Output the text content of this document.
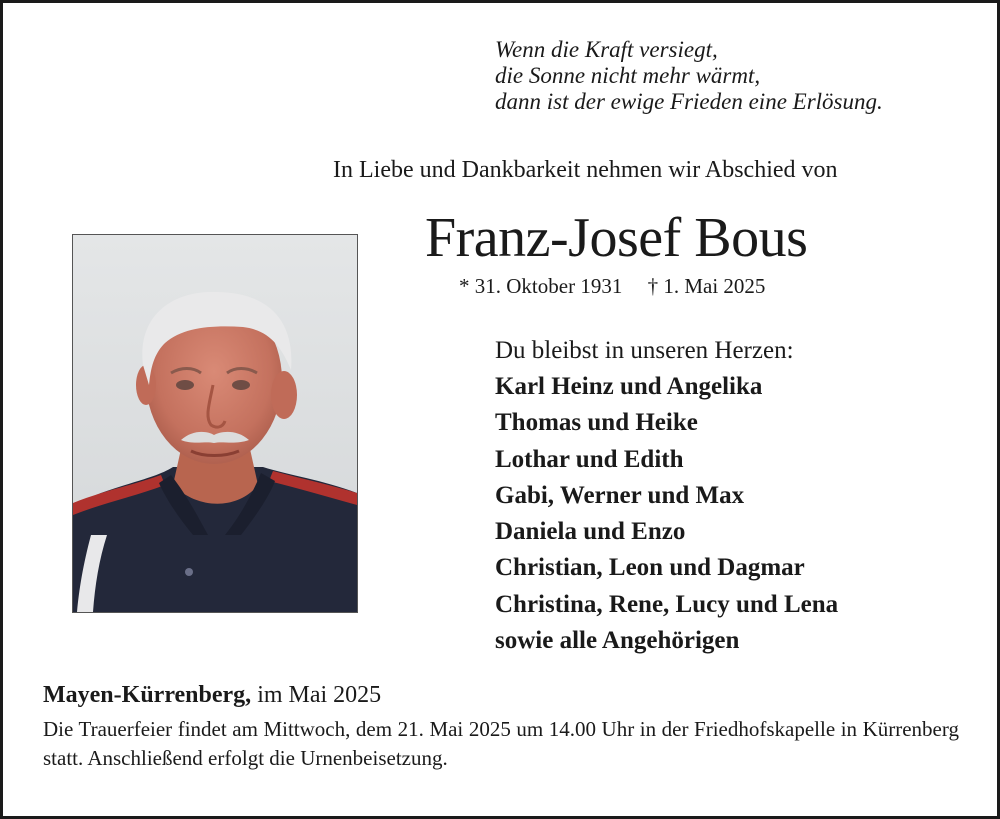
Wenn die Kraft versiegt,
die Sonne nicht mehr wärmt,
dann ist der ewige Frieden eine Erlösung.
In Liebe und Dankbarkeit nehmen wir Abschied von
Franz-Josef Bous
* 31. Oktober 1931 † 1. Mai 2025
Du bleibst in unseren Herzen:
Karl Heinz und Angelika
Thomas und Heike
Lothar und Edith
Gabi, Werner und Max
Daniela und Enzo
Christian, Leon und Dagmar
Christina, Rene, Lucy und Lena
sowie alle Angehörigen
Mayen-Kürrenberg, im Mai 2025
Die Trauerfeier findet am Mittwoch, dem 21. Mai 2025 um 14.00 Uhr in der Friedhofskapelle in Kürrenberg statt. Anschließend erfolgt die Urnenbeisetzung.
